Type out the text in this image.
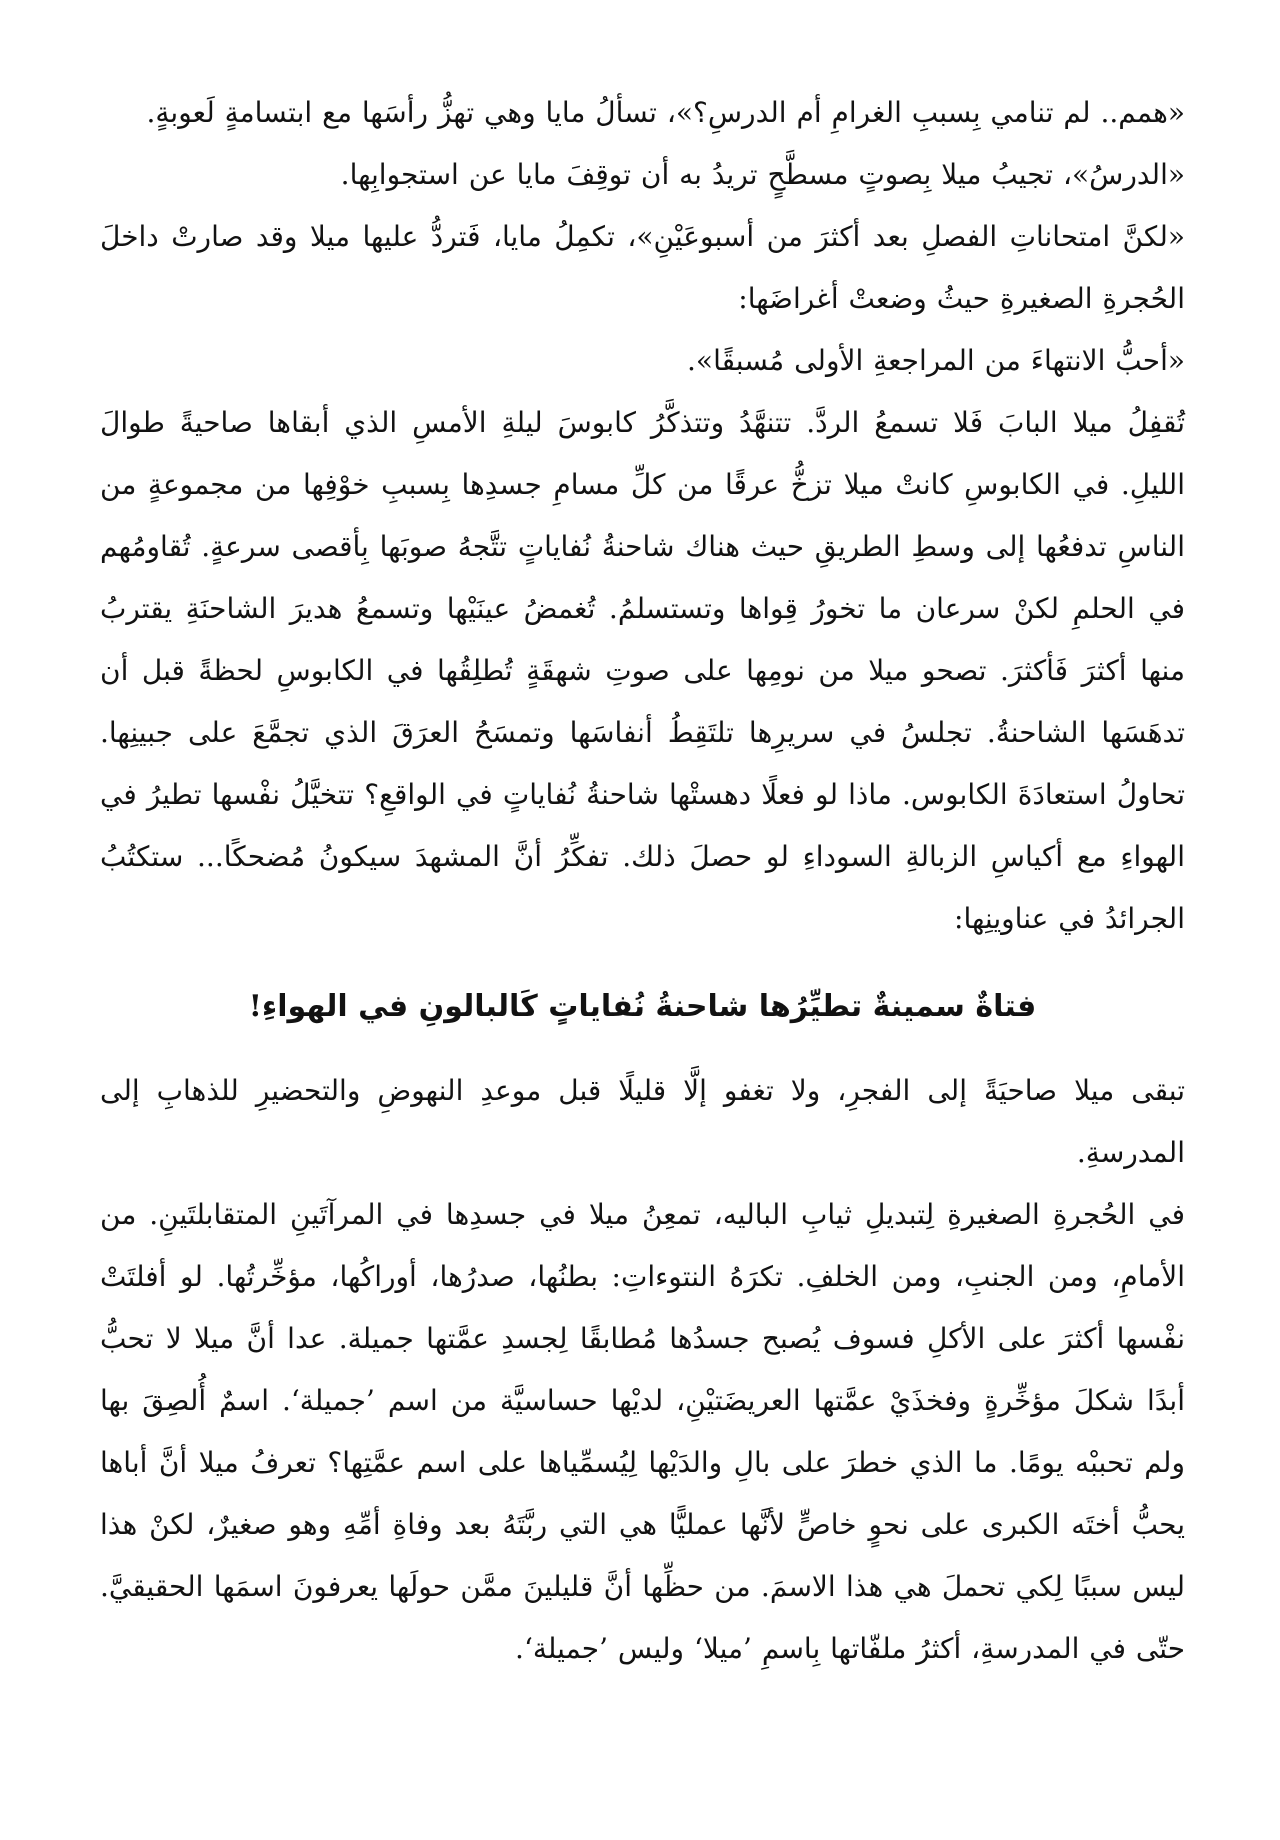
«همم.. لم تنامي بِسببِ الغرامِ أم الدرسِ؟»، تسألُ مايا وهي تهزُّ رأسَها مع ابتسامةٍ لَعوبةٍ.

«الدرسُ»، تجيبُ ميلا بِصوتٍ مسطَّحٍ تريدُ به أن توقِفَ مايا عن استجوابِها.

«لكنَّ امتحاناتِ الفصلِ بعد أكثرَ من أسبوعَيْنِ»، تكمِلُ مايا، فَتردُّ عليها ميلا وقد صارتْ داخلَ الحُجرةِ الصغيرةِ حيثُ وضعتْ أغراضَها:

«أحبُّ الانتهاءَ من المراجعةِ الأولى مُسبقًا».

تُقفِلُ ميلا البابَ فَلا تسمعُ الردَّ. تتنهَّدُ وتتذكَّرُ كابوسَ ليلةِ الأمسِ الذي أبقاها صاحيةً طوالَ الليلِ. في الكابوسِ كانتْ ميلا تزخُّ عرقًا من كلِّ مسامِ جسدِها بِسببِ خوْفِها من مجموعةٍ من الناسِ تدفعُها إلى وسطِ الطريقِ حيث هناك شاحنةُ نُفاياتٍ تتَّجهُ صوبَها بِأقصى سرعةٍ. تُقاومُهم في الحلمِ لكنْ سرعان ما تخورُ قِواها وتستسلمُ. تُغمضُ عينَيْها وتسمعُ هديرَ الشاحنَةِ يقتربُ منها أكثرَ فَأكثرَ. تصحو ميلا من نومِها على صوتِ شهقَةٍ تُطلِقُها في الكابوسِ لحظةً قبل أن تدهَسَها الشاحنةُ. تجلسُ في سريرِها تلتَقِطُ أنفاسَها وتمسَحُ العرَقَ الذي تجمَّعَ على جبينِها. تحاولُ استعادَةَ الكابوس. ماذا لو فعلًا دهستْها شاحنةُ نُفاياتٍ في الواقعِ؟ تتخيَّلُ نفْسها تطيرُ في الهواءِ مع أكياسِ الزبالةِ السوداءِ لو حصلَ ذلك. تفكِّرُ أنَّ المشهدَ سيكونُ مُضحكًا... ستكتُبُ الجرائدُ في عناوينِها:

فتاةٌ سمينةٌ تطيِّرُها شاحنةُ نُفاياتٍ كَالبالونِ في الهواءِ!

تبقى ميلا صاحيَةً إلى الفجرِ، ولا تغفو إلَّا قليلًا قبل موعدِ النهوضِ والتحضيرِ للذهابِ إلى المدرسةِ.

في الحُجرةِ الصغيرةِ لِتبديلِ ثيابِ الباليه، تمعِنُ ميلا في جسدِها في المرآتَينِ المتقابلتَينِ. من الأمامِ، ومن الجنبِ، ومن الخلفِ. تكرَهُ النتوءاتِ: بطنُها، صدرُها، أوراكُها، مؤخِّرتُها. لو أفلتَتْ نفْسها أكثرَ على الأكلِ فسوف يُصبح جسدُها مُطابقًا لِجسدِ عمَّتها جميلة. عدا أنَّ ميلا لا تحبُّ أبدًا شكلَ مؤخِّرةٍ وفخذَيْ عمَّتها العريضَتيْنِ، لديْها حساسيَّة من اسم ’جميلة‘. اسمٌ أُلصِقَ بها ولم تحببْه يومًا. ما الذي خطرَ على بالِ والدَيْها لِيُسمِّياها على اسم عمَّتِها؟ تعرفُ ميلا أنَّ أباها يحبُّ أختَه الكبرى على نحوٍ خاصٍّ لأنَّها عمليًّا هي التي ربَّتَهُ بعد وفاةِ أمِّهِ وهو صغيرٌ، لكنْ هذا ليس سببًا لِكي تحملَ هي هذا الاسمَ. من حظِّها أنَّ قليلينَ ممَّن حولَها يعرفونَ اسمَها الحقيقيَّ. حتّى في المدرسةِ، أكثرُ ملفّاتها بِاسمِ ’ميلا‘ وليس ’جميلة‘.
